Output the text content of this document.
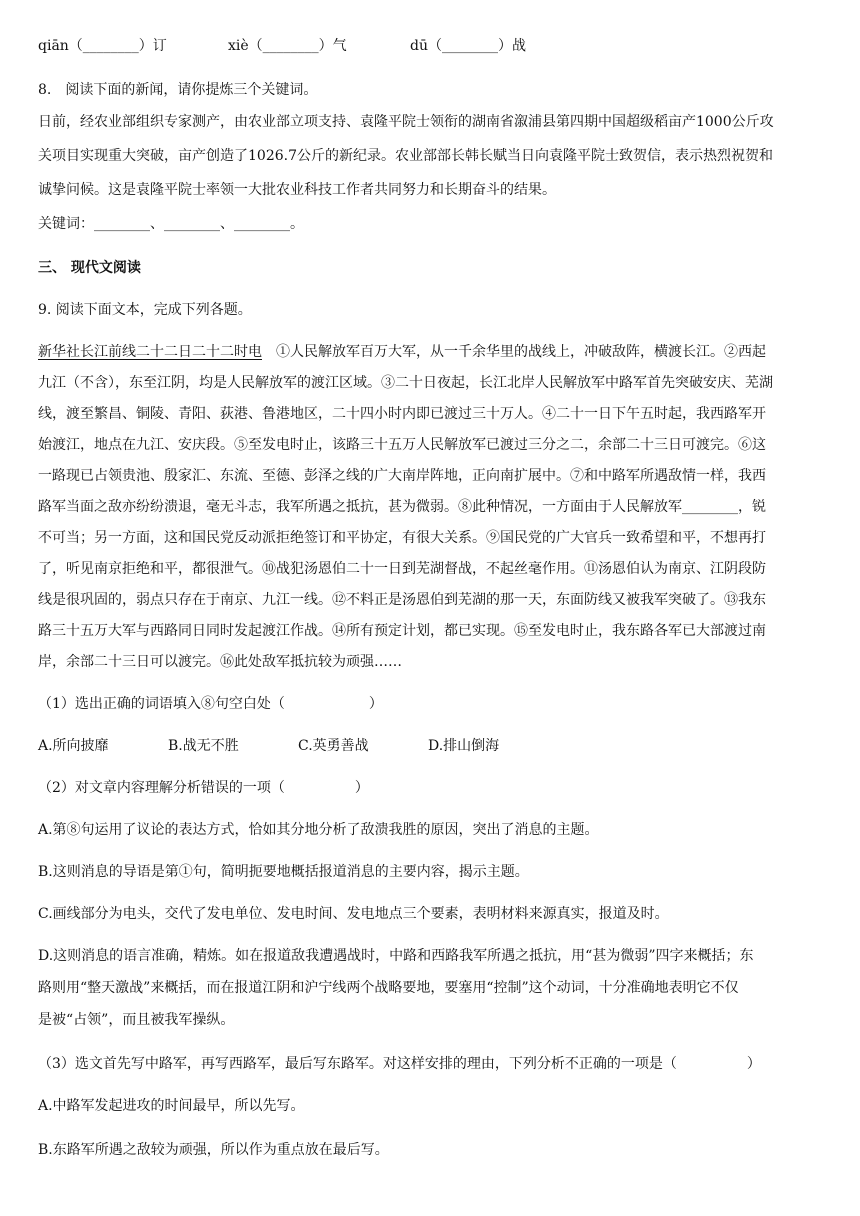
qiān（________）订	xiè（________）气	dū（________）战
8.　阅读下面的新闻，请你提炼三个关键词。
日前，经农业部组织专家测产，由农业部立项支持、袁隆平院士领衔的湖南省溆浦县第四期中国超级稻亩产1000公斤攻
关项目实现重大突破，亩产创造了1026.7公斤的新纪录。农业部部长韩长赋当日向袁隆平院士致贺信，表示热烈祝贺和
诚挚问候。这是袁隆平院士率领一大批农业科技工作者共同努力和长期奋斗的结果。
关键词：________、________、________。
三、 现代文阅读
9. 阅读下面文本，完成下列各题。
新华社长江前线二十二日二十二时电　①人民解放军百万大军，从一千余华里的战线上，冲破敌阵，横渡长江。②西起
九江（不含），东至江阴，均是人民解放军的渡江区域。③二十日夜起，长江北岸人民解放军中路军首先突破安庆、芜湖
线，渡至繁昌、铜陵、青阳、荻港、鲁港地区，二十四小时内即已渡过三十万人。④二十一日下午五时起，我西路军开
始渡江，地点在九江、安庆段。⑤至发电时止，该路三十五万人民解放军已渡过三分之二，余部二十三日可渡完。⑥这
一路现已占领贵池、殷家汇、东流、至德、彭泽之线的广大南岸阵地，正向南扩展中。⑦和中路军所遇敌情一样，我西
路军当面之敌亦纷纷溃退，毫无斗志，我军所遇之抵抗，甚为微弱。⑧此种情况，一方面由于人民解放军________，锐
不可当；另一方面，这和国民党反动派拒绝签订和平协定，有很大关系。⑨国民党的广大官兵一致希望和平，不想再打
了，听见南京拒绝和平，都很泄气。⑩战犯汤恩伯二十一日到芜湖督战，不起丝毫作用。⑪汤恩伯认为南京、江阴段防
线是很巩固的，弱点只存在于南京、九江一线。⑫不料正是汤恩伯到芜湖的那一天，东面防线又被我军突破了。⑬我东
路三十五万大军与西路同日同时发起渡江作战。⑭所有预定计划，都已实现。⑮至发电时止，我东路各军已大部渡过南
岸，余部二十三日可以渡完。⑯此处敌军抵抗较为顽强……
（1）选出正确的词语填入⑧句空白处（　　　　　　）
A.所向披靡	B.战无不胜	C.英勇善战	D.排山倒海
（2）对文章内容理解分析错误的一项（　　　　　）
A.第⑧句运用了议论的表达方式，恰如其分地分析了敌溃我胜的原因，突出了消息的主题。
B.这则消息的导语是第①句，简明扼要地概括报道消息的主要内容，揭示主题。
C.画线部分为电头，交代了发电单位、发电时间、发电地点三个要素，表明材料来源真实，报道及时。
D.这则消息的语言准确，精炼。如在报道敌我遭遇战时，中路和西路我军所遇之抵抗，用“甚为微弱”四字来概括；东
路则用“整天激战”来概括，而在报道江阴和沪宁线两个战略要地，要塞用“控制”这个动词，十分准确地表明它不仅
是被“占领”，而且被我军操纵。
（3）选文首先写中路军，再写西路军，最后写东路军。对这样安排的理由，下列分析不正确的一项是（　　　　　）
A.中路军发起进攻的时间最早，所以先写。
B.东路军所遇之敌较为顽强，所以作为重点放在最后写。
